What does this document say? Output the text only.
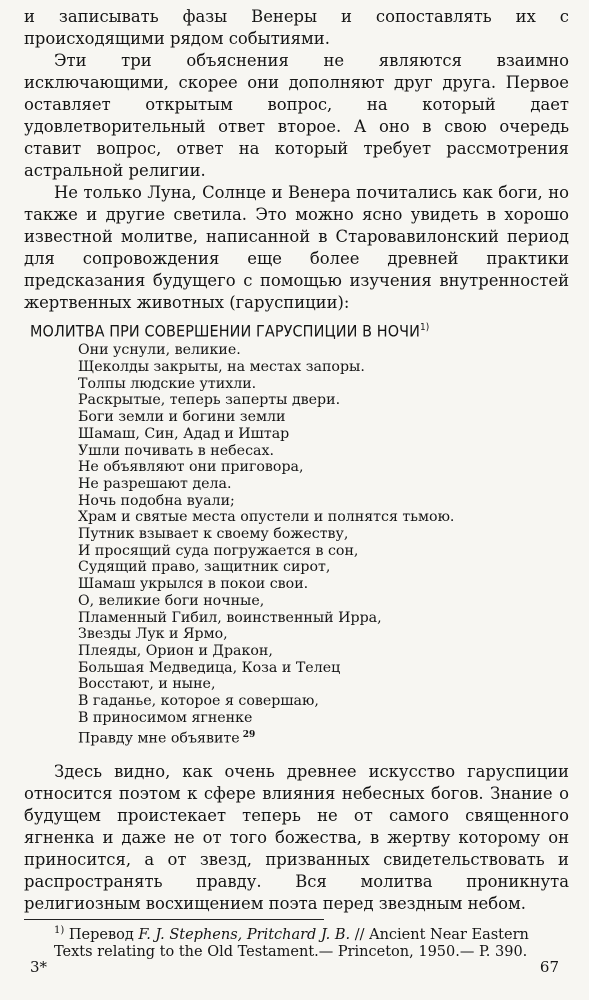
и записывать фазы Венеры и сопоставлять их с происходящими рядом событиями.

Эти три объяснения не являются взаимно исключающими, скорее они дополняют друг друга. Первое оставляет открытым вопрос, на который дает удовлетворительный ответ второе. А оно в свою очередь ставит вопрос, ответ на который требует рассмотрения астральной религии.

Не только Луна, Солнце и Венера почитались как боги, но также и другие светила. Это можно ясно увидеть в хорошо известной молитве, написанной в Старовавилонский период для сопровождения еще более древней практики предсказания будущего с помощью изучения внутренностей жертвенных животных (гаруспиции):

МОЛИТВА ПРИ СОВЕРШЕНИИ ГАРУСПИЦИИ В НОЧИ$^{1)}$
Они уснули, великие.
Щеколды закрыты, на местах запоры.
Толпы людские утихли.
Раскрытые, теперь заперты двери.
Боги земли и богини земли
Шамаш, Син, Адад и Иштар
Ушли почивать в небесах.
Не объявляют они приговора,
Не разрешают дела.
Ночь подобна вуали;
Храм и святые места опустели и полнятся тьмою.
Путник взывает к своему божеству,
И просящий суда погружается в сон,
Судящий право, защитник сирот,
Шамаш укрылся в покои свои.
О, великие боги ночные,
Пламенный Гибил, воинственный Ирра,
Звезды Лук и Ярмо,
Плеяды, Орион и Дракон,
Большая Медведица, Коза и Телец
Восстают, и ныне,
В гаданье, которое я совершаю,
В приносимом ягненке
Правду мне объявите $^{29}$

Здесь видно, как очень древнее искусство гаруспиции относится поэтом к сфере влияния небесных богов. Знание о будущем проистекает теперь не от самого священного ягненка и даже не от того божества, в жертву которому он приносится, а от звезд, призванных свидетельствовать и распространять правду. Вся молитва проникнута религиозным восхищением поэта перед звездным небом.

$^{1)}$ Перевод F. J. Stephens, Pritchard J. B. // Ancient Near Eastern Texts relating to the Old Testament.— Princeton, 1950.— P. 390.

3*	67
